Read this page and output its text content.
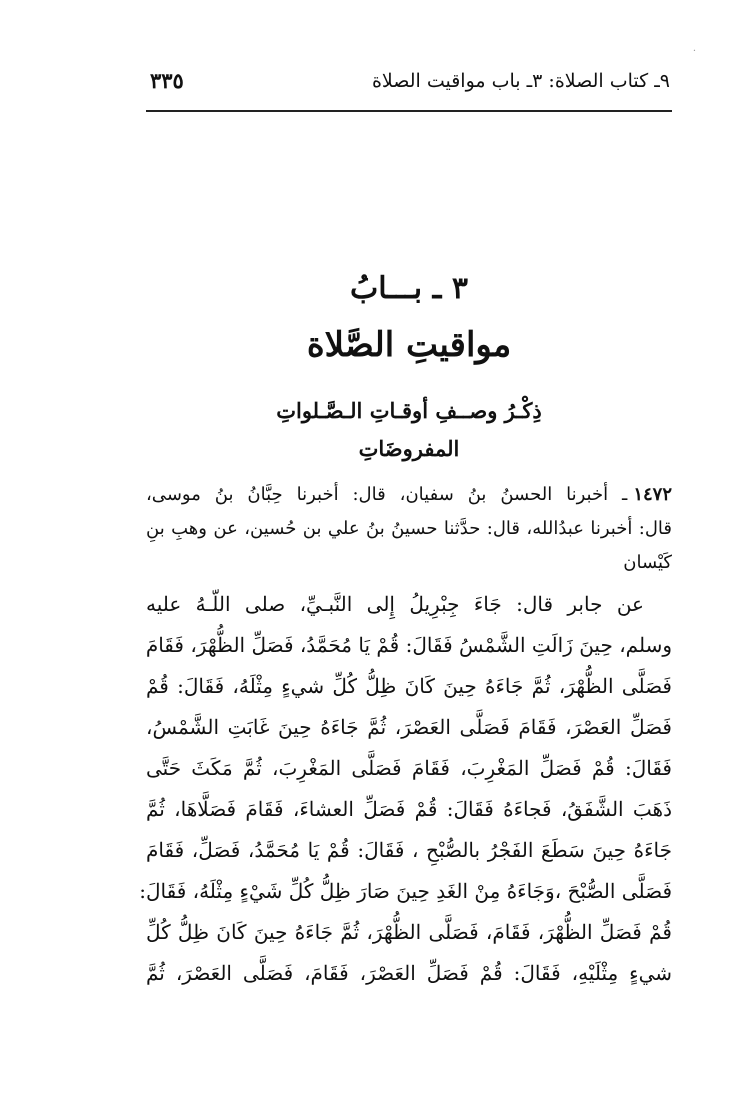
٩ـ كتاب الصلاة: ٣ـ باب مواقيت الصلاة
٣٣٥
·
٣ ـ بـــابُ
مواقيتِ الصَّلاة
ذِكْـرُ وصــفِ أوقـاتِ الـصَّـلواتِ
المفروضَاتِ
١٤٧٢ـ أخبرنا الحسنُ بنُ سفيان، قال: أخبرنا حِبَّانُ بنُ موسى،
قال: أخبرنا عبدُالله، قال: حدَّثنا حسينُ بنُ علي بن حُسين، عن وهبِ بنِ
كَيْسان
عن جابر قال: جَاءَ جِبْرِيلُ إِلى النَّبـيِّ، صلى اللّـهُ عليه
وسلم، حِينَ زَالَتِ الشَّمْسُ فَقَالَ: قُمْ يَا مُحَمَّدُ، فَصَلِّ الظُّهْرَ، فَقَامَ
فَصَلَّى الظُّهْرَ، ثُمَّ جَاءَهُ حِينَ كَانَ ظِلُّ كُلِّ شيءٍ مِثْلَهُ، فَقَالَ: قُمْ
فَصَلِّ العَصْرَ، فَقَامَ فَصَلَّى العَصْرَ، ثُمَّ جَاءَهُ حِينَ غَابَتِ الشَّمْسُ،
فَقَالَ: قُمْ فَصَلِّ المَغْرِبَ، فَقَامَ فَصَلَّى المَغْرِبَ، ثُمَّ مَكَثَ حَتَّى
ذَهَبَ الشَّفَقُ، فَجاءَهُ فَقَالَ: قُمْ فَصَلِّ العشاءَ، فَقَامَ فَصَلَّاهَا، ثُمَّ
جَاءَهُ حِينَ سَطَعَ الفَجْرُ بالصُّبْحِ ، فَقَالَ: قُمْ يَا مُحَمَّدُ، فَصَلِّ، فَقَامَ
فَصَلَّى الصُّبْحَ ،وَجَاءَهُ مِنْ الغَدِ حِينَ صَارَ ظِلُّ كُلِّ شَيْءٍ مِثْلَهُ، فَقَالَ:
قُمْ فَصَلِّ الظُّهْرَ، فَقَامَ، فَصَلَّى الظُّهْرَ، ثُمَّ جَاءَهُ حِينَ كَانَ ظِلُّ كُلِّ
شيءٍ مِثْلَيْهِ، فَقَالَ: قُمْ فَصَلِّ العَصْرَ، فَقَامَ، فَصَلَّى العَصْرَ، ثُمَّ
